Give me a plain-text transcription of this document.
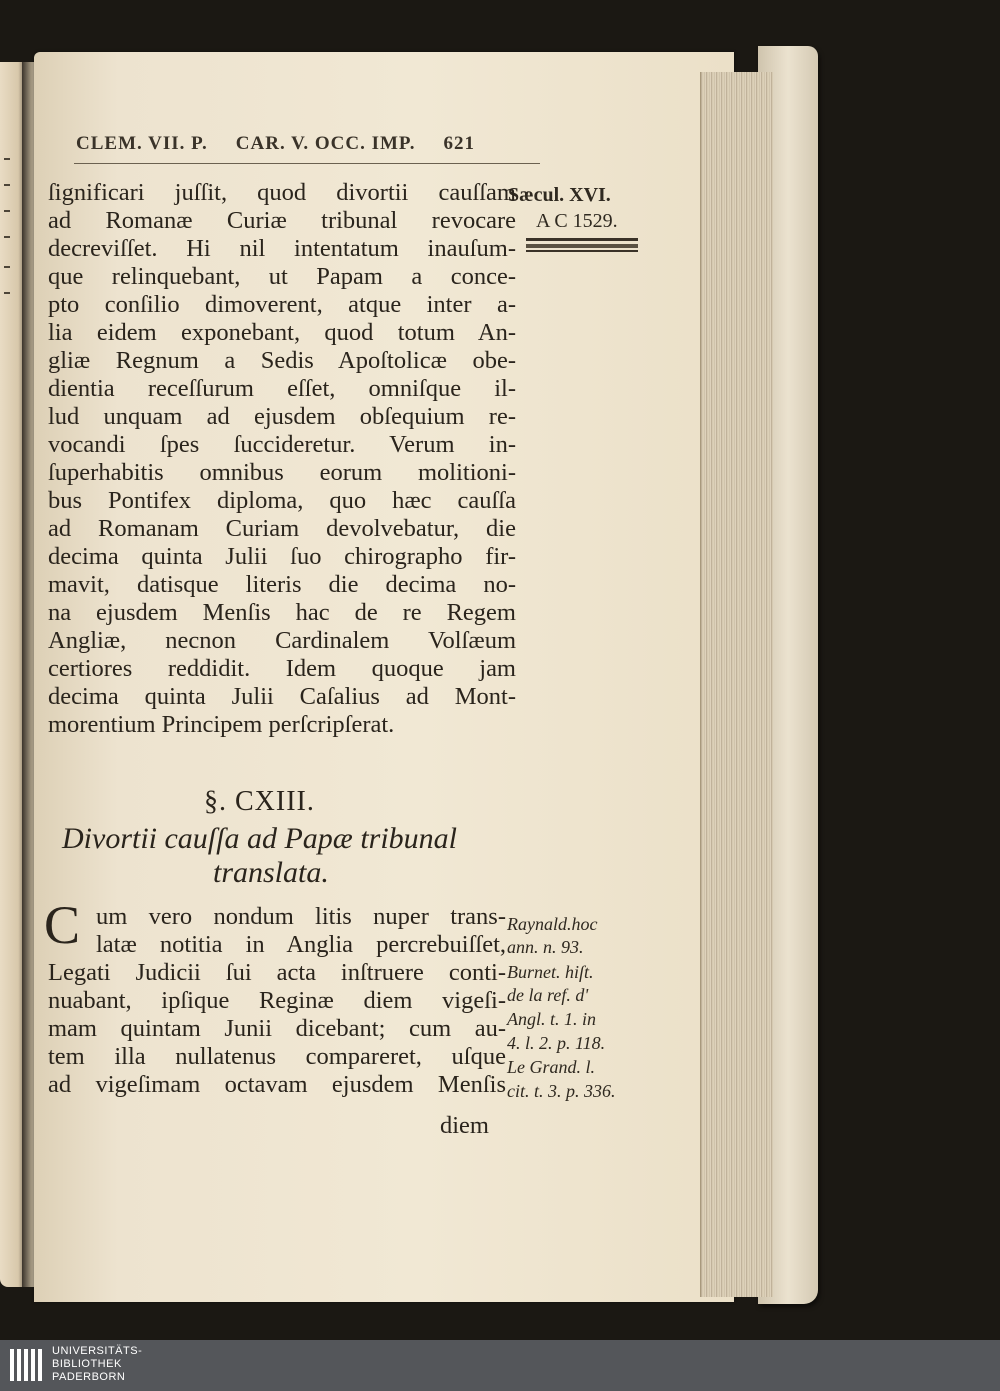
CLEM. VII. P. CAR. V. OCC. IMP. 621
Sæcul. XVI.
A C 1529.
ſignificari juſſit, quod divortii cauſſam
ad Romanæ Curiæ tribunal revocare
decreviſſet. Hi nil intentatum inauſum-
que relinquebant, ut Papam a conce-
pto conſilio dimoverent, atque inter a-
lia eidem exponebant, quod totum An-
gliæ Regnum a Sedis Apoſtolicæ obe-
dientia receſſurum eſſet, omniſque il-
lud unquam ad ejusdem obſequium re-
vocandi ſpes ſuccideretur. Verum in-
ſuperhabitis omnibus eorum molitioni-
bus Pontifex diploma, quo hæc cauſſa
ad Romanam Curiam devolvebatur, die
decima quinta Julii ſuo chirographo fir-
mavit, datisque literis die decima no-
na ejusdem Menſis hac de re Regem
Angliæ, necnon Cardinalem Volſæum
certiores reddidit. Idem quoque jam
decima quinta Julii Caſalius ad Mont-
morentium Principem perſcripſerat.
§. CXIII.
Divortii cauſſa ad Papæ tribunal
translata.
C um vero nondum litis nuper trans-
latæ notitia in Anglia percrebuiſſet,
Legati Judicii ſui acta inſtruere conti-
nuabant, ipſique Reginæ diem vigeſi-
mam quintam Junii dicebant; cum au-
tem illa nullatenus compareret, uſque
ad vigeſimam octavam ejusdem Menſis
Raynald.hoc
ann. n. 93.
Burnet. hiſt.
de la ref. d'
Angl. t. 1. in
4. l. 2. p. 118.
Le Grand. l.
cit. t. 3. p. 336.
diem
UNIVERSITÄTS-
BIBLIOTHEK
PADERBORN
